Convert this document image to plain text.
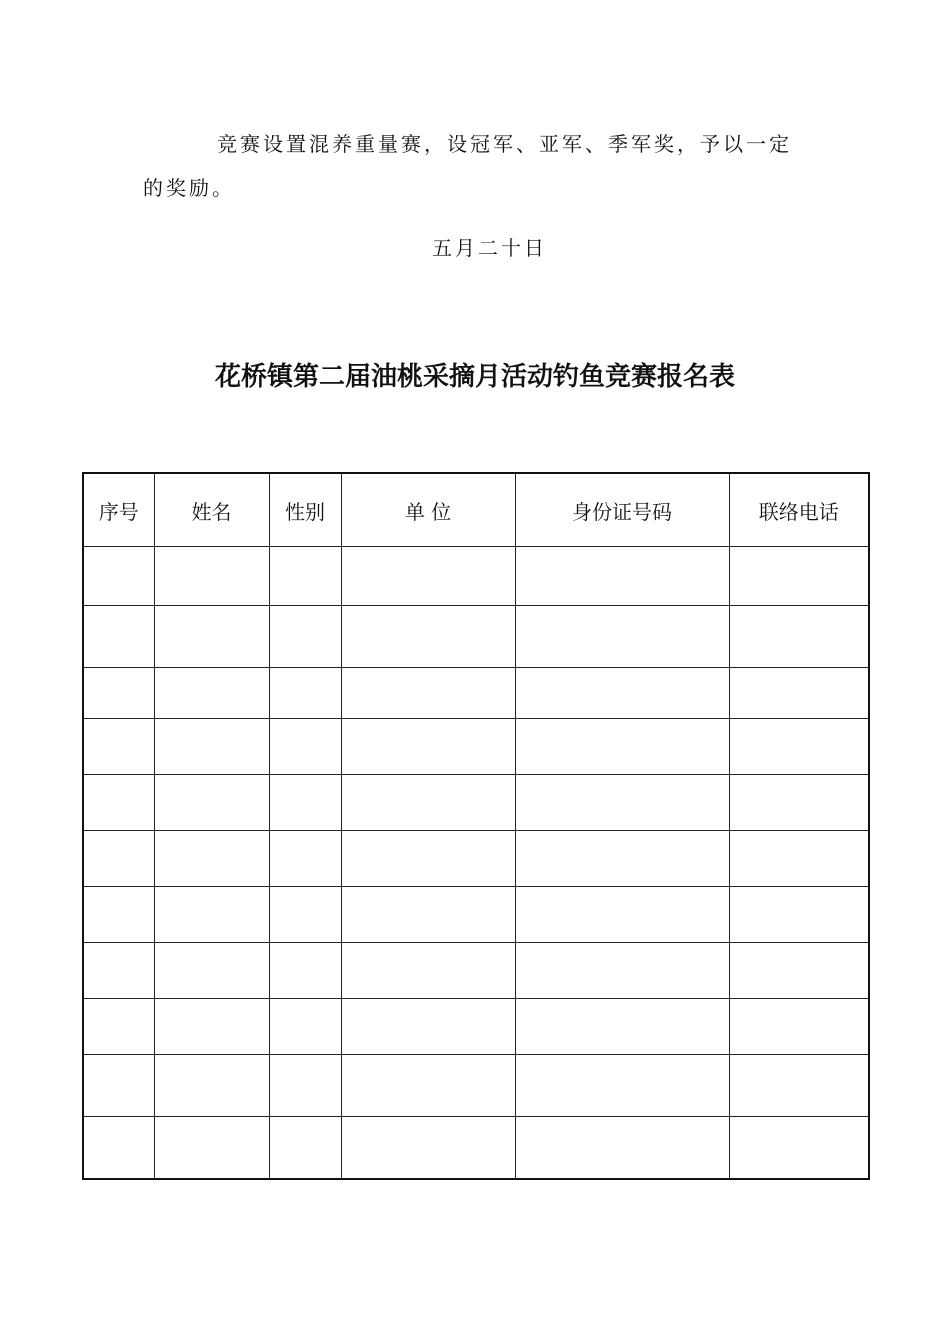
竞赛设置混养重量赛，设冠军、亚军、季军奖，予以一定的奖励。

五月二十日

花桥镇第二届油桃采摘月活动钓鱼竞赛报名表
序号	姓名	性别	单 位	身份证号码	联络电话
